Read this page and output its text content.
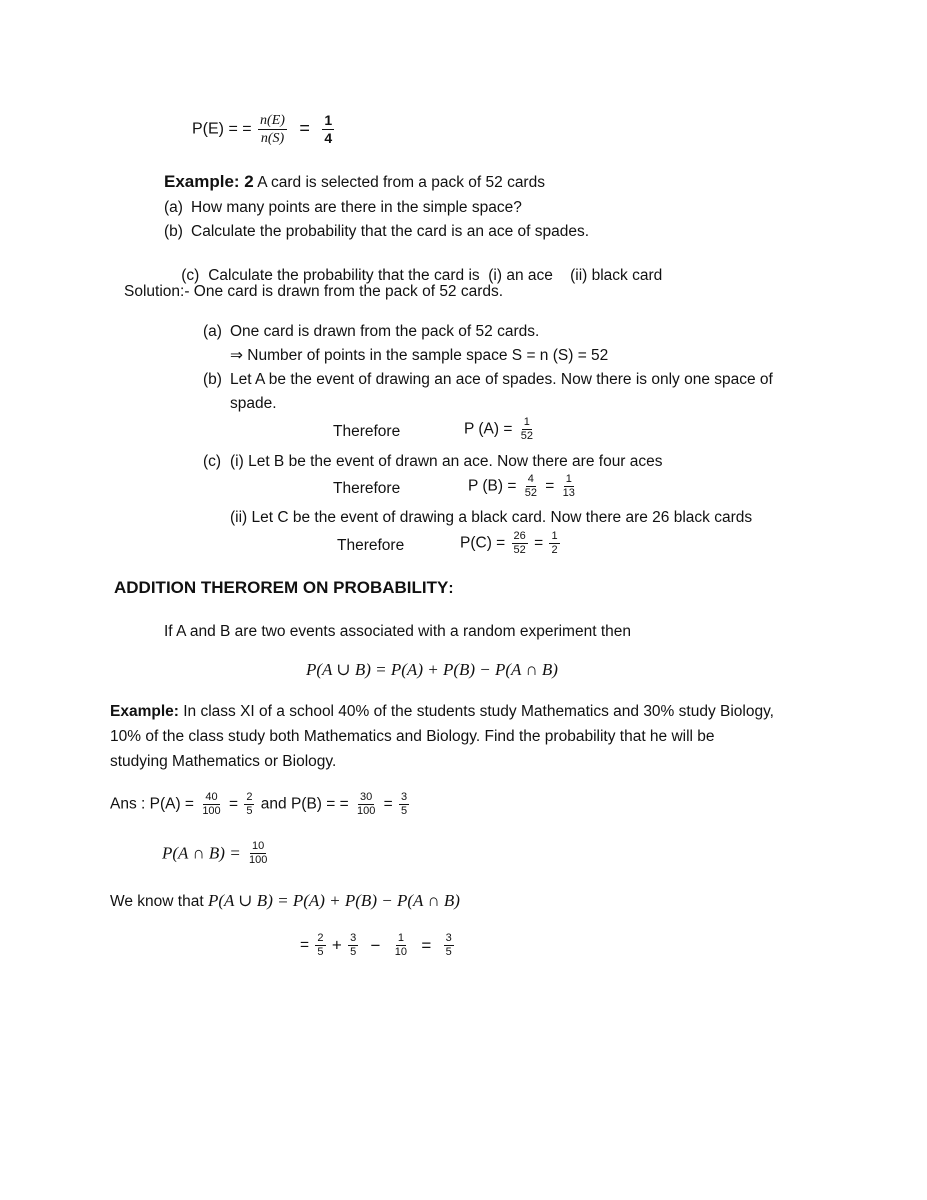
P(E) = = $\frac{n(E)}{n(S)} = \frac{1}{4}$
Example: 2 A card is selected from a pack of 52 cards
(a) How many points are there in the simple space?
(b) Calculate the probability that the card is an ace of spades.

(c) Calculate the probability that the card is  (i) an ace    (ii) black card

Solution:- One card is drawn from the pack of 52 cards.
(a) One card is drawn from the pack of 52 cards.
⇒ Number of points in the sample space S = n (S) = 52
(b) Let A be the event of drawing an ace of spades. Now there is only one space of
spade.
Therefore	P $(A) = \frac{1}{52}$
(c) (i) Let B be the event of drawn an ace. Now there are four aces
Therefore	P $(B) = \frac{4}{52} = \frac{1}{13}$
(ii) Let C be the event of drawing a black card. Now there are 26 black cards
Therefore	$P(C) = \frac{26}{52} = \frac{1}{2}$
ADDITION THEROREM ON PROBABILITY:
If A and B are two events associated with a random experiment then
P(A ∪ B) = P(A) + P(B) − P(A ∩ B)
Example: In class XI of a school 40% of the students study Mathematics and 30% study Biology,
10% of the class study both Mathematics and Biology. Find the probability that he will be
studying Mathematics or Biology.
Ans : $P(A) = \frac{40}{100} = \frac{2}{5}$ and P(B) = = $\frac{30}{100} = \frac{3}{5}$
P(A ∩ $B) = \frac{10}{100}$
We know that P(A ∪ B) = P(A) + P(B) − P(A ∩ B)
= $\frac{2}{5} + \frac{3}{5} - \frac{1}{10} = \frac{3}{5}$
